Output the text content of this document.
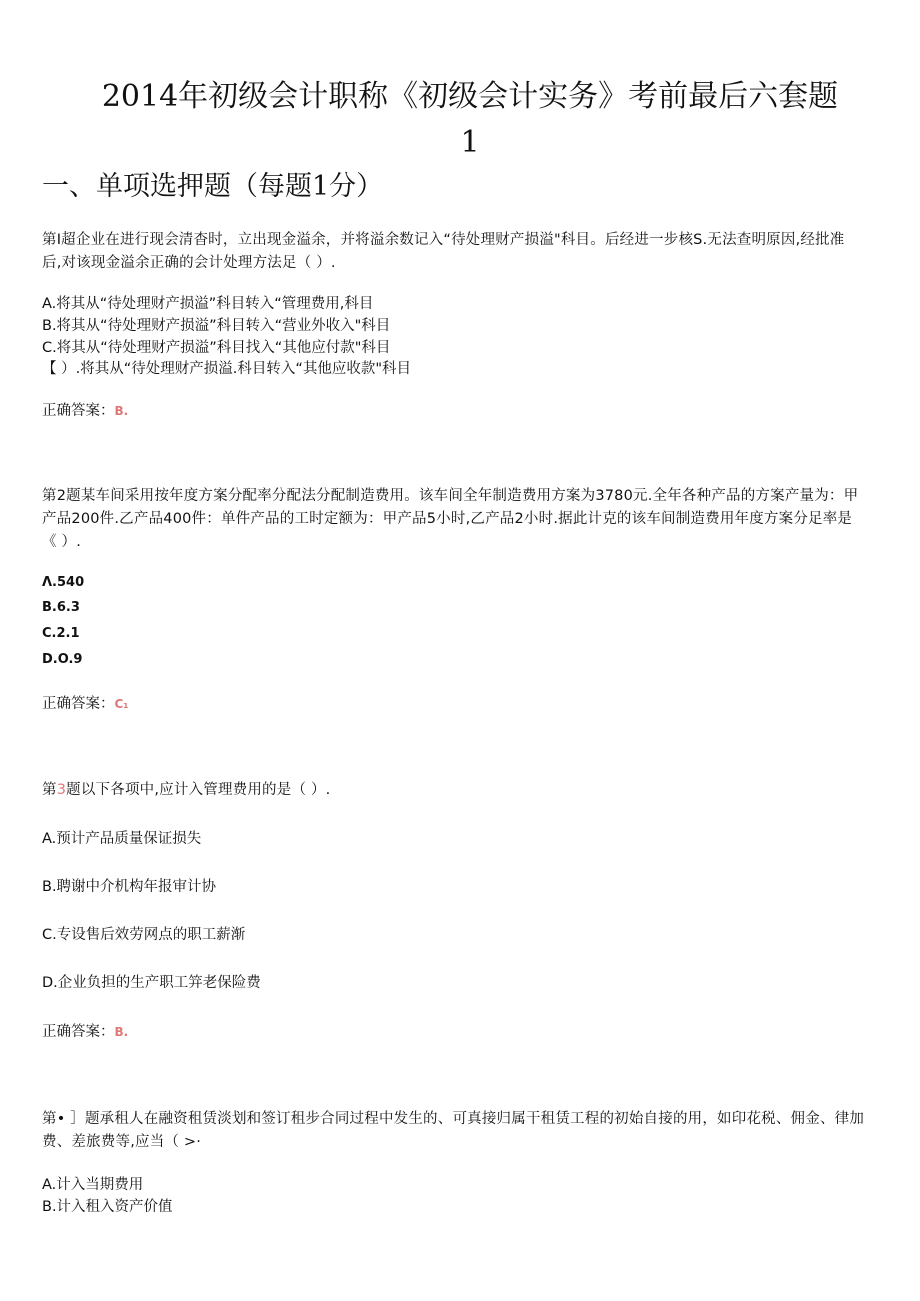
2014年初级会计职称《初级会计实务》考前最后六套题
1
一、单项选押题（每题1分）
第I超企业在进行现会清杳时，立出现金溢余，并将溢余数记入“待处理财产损溢"科目。后经进一步核S.无法查明原因,经批准
后,对该现金溢余正确的会计处理方法足（ ）.
A.将其从“待处理财产损溢”科目转入“管理费用,科目
B.将其从“待处理财产损溢”科目转入“营业外收入"科目
C.将其从“待处理财产损溢”科目找入“其他应付款"科目
【 ）.将其从“待处理财产损溢.科目转入“其他应收款"科目
正确答案：B.
第2题某车间采用按年度方案分配率分配法分配制造费用。该车间全年制造费用方案为3780元.全年各种产品的方案产量为：甲
产品200件.乙产品400件：单件产品的工时定额为：甲产品5小时,乙产品2小时.据此计克的该车间制造费用年度方案分足率是
《 ）.
Λ.540
B.6.3
C.2.1
D.O.9
正确答案：C₁
第3题以下各项中,应计入管理费用的是（ ）.
A.预计产品质量保证损失
B.聘谢中介机构年报审计协
C.专设售后效劳网点的职工薪渐
D.企业负担的生产职工笄老保险费
正确答案：B.
第• ］题承租人在融资租赁淡划和签订租步合同过程中发生的、可真接归属干租赁工程的初始自接的用，如印花税、佣金、律加
费、差旅费等,应当（ >·
A.计入当期费用
B.计入租入资产价值
